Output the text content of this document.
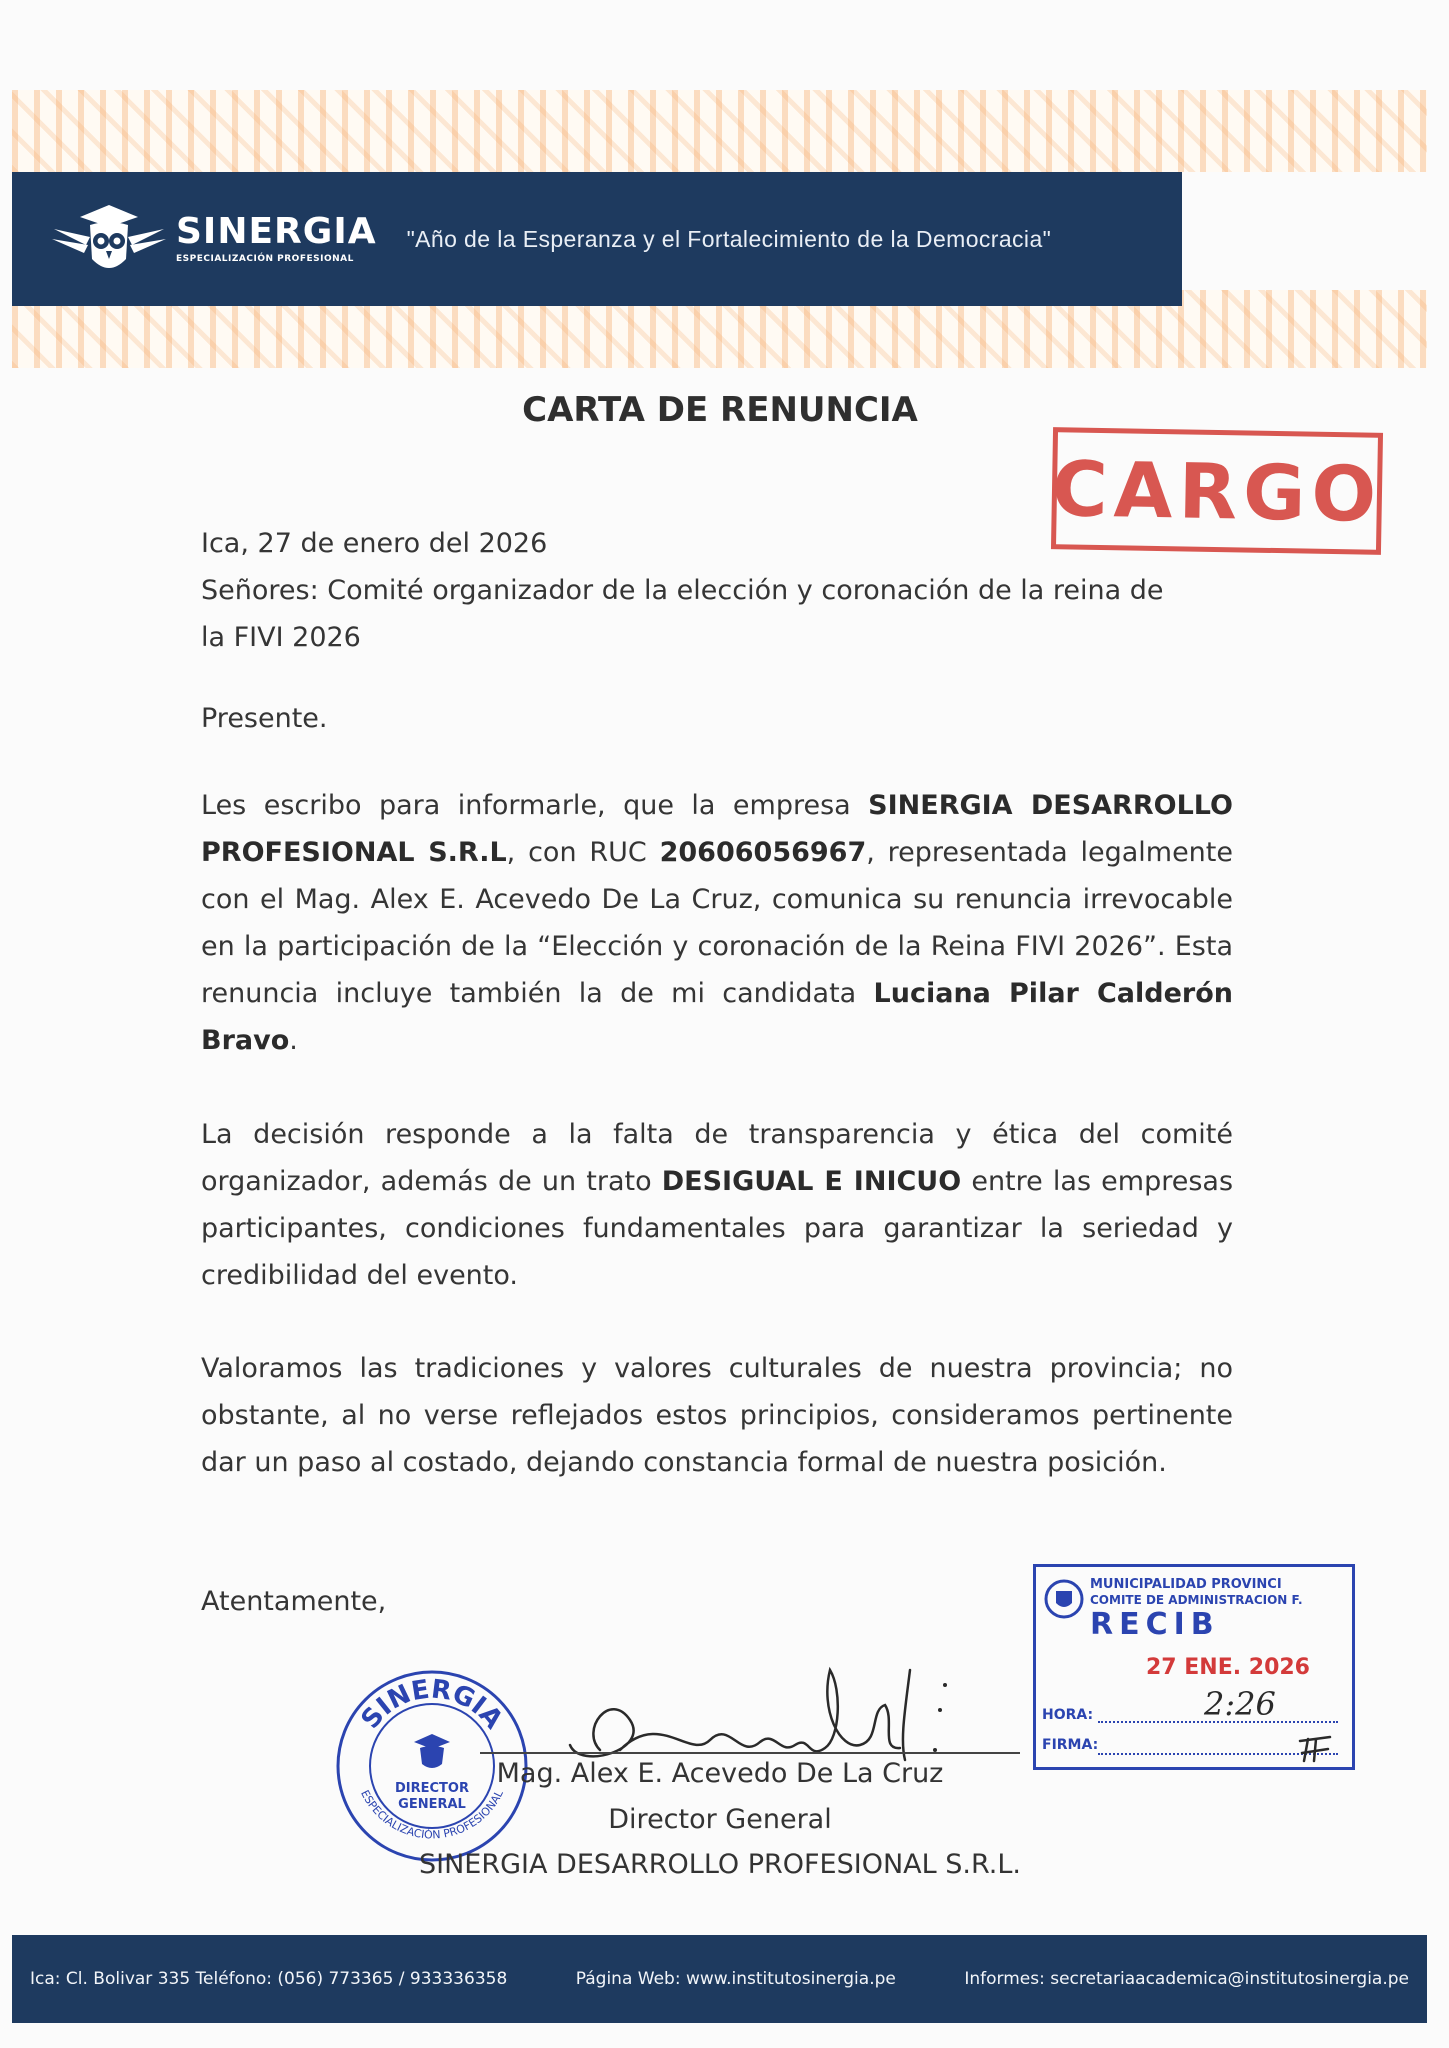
SINERGIA
ESPECIALIZACIÓN PROFESIONAL
"Año de la Esperanza y el Fortalecimiento de la Democracia"
CARTA DE RENUNCIA
CARGO

Ica, 27 de enero del 2026

Señores: Comité organizador de la elección y coronación de la reina de

la FIVI 2026

Presente.

Les escribo para informarle, que la empresa SINERGIA DESARROLLO PROFESIONAL S.R.L, con RUC 20606056967, representada legalmente con el Mag. Alex E. Acevedo De La Cruz, comunica su renuncia irrevocable en la participación de la “Elección y coronación de la Reina FIVI 2026”. Esta renuncia incluye también la de mi candidata Luciana Pilar Calderón Bravo.

La decisión responde a la falta de transparencia y ética del comité organizador, además de un trato DESIGUAL E INICUO entre las empresas participantes, condiciones fundamentales para garantizar la seriedad y credibilidad del evento.

Valoramos las tradiciones y valores culturales de nuestra provincia; no obstante, al no verse reflejados estos principios, consideramos pertinente dar un paso al costado, dejando constancia formal de nuestra posición.

Atentamente,
SINERGIA
ESPECIALIZACIÓN PROFESIONAL
DIRECTOR
GENERAL
Mag. Alex E. Acevedo De La Cruz
Director General
SINERGIA DESARROLLO PROFESIONAL S.R.L.
MUNICIPALIDAD PROVINCI
COMITE DE ADMINISTRACION F.
RECIB
27 ENE. 2026
HORA:	2:26
FIRMA:
Ica: Cl. Bolivar 335 Teléfono: (056) 773365 / 933336358	Página Web: www.institutosinergia.pe	Informes: secretariaacademica@institutosinergia.pe
